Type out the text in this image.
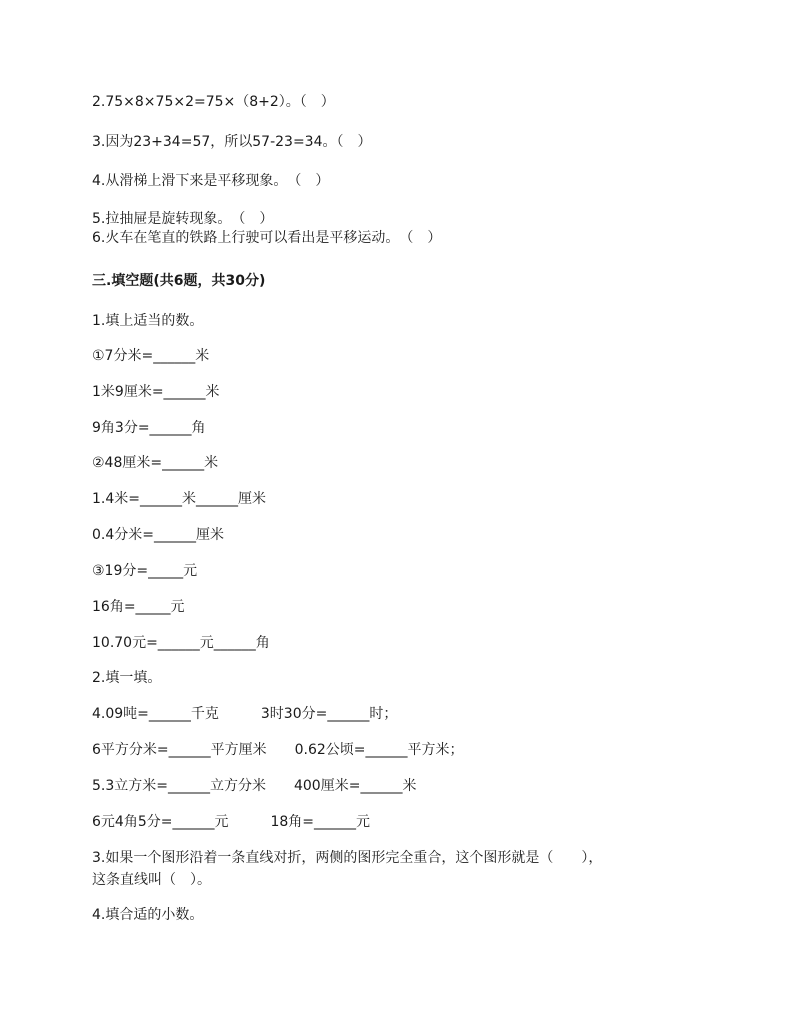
2.75×8×75×2=75×（8+2）。（　）
3.因为23+34=57，所以57-23=34。（　）
4.从滑梯上滑下来是平移现象。　（　）
5.拉抽屉是旋转现象。　（　）
6.火车在笔直的铁路上行驶可以看出是平移运动。　（　）
三.填空题(共6题，共30分)
1.填上适当的数。
①7分米=______米
1米9厘米=______米
9角3分=______角
②48厘米=______米
1.4米=______米______厘米
0.4分米=______厘米
③19分=_____元
16角=_____元
10.70元=______元______角
2.填一填。
4.09吨=______千克　　　3时30分=______时；
6平方分米=______平方厘米　　0.62公顷=______平方米；
5.3立方米=______立方分米　　400厘米=______米
6元4角5分=______元　　　18角=______元
3.如果一个图形沿着一条直线对折，两侧的图形完全重合，这个图形就是（　　），这条直线叫（　）。
4.填合适的小数。
